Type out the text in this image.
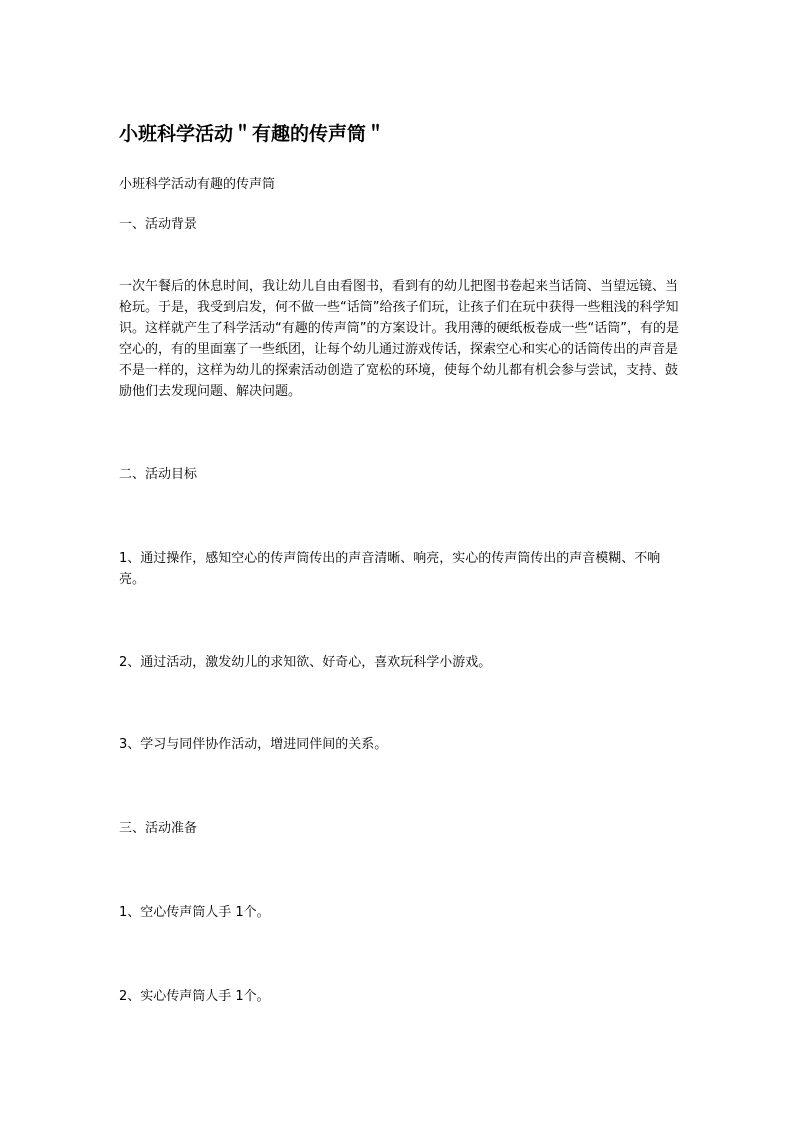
小班科学活动＂有趣的传声筒＂

小班科学活动有趣的传声筒

一、活动背景

一次午餐后的休息时间，我让幼儿自由看图书，看到有的幼儿把图书卷起来当话筒、当望远镜、当枪玩。于是，我受到启发，何不做一些“话筒”给孩子们玩，让孩子们在玩中获得一些粗浅的科学知识。这样就产生了科学活动“有趣的传声筒”的方案设计。我用薄的硬纸板卷成一些“话筒”，有的是空心的，有的里面塞了一些纸团，让每个幼儿通过游戏传话，探索空心和实心的话筒传出的声音是不是一样的，这样为幼儿的探索活动创造了宽松的环境，使每个幼儿都有机会参与尝试，支持、鼓励他们去发现问题、解决问题。

二、活动目标

1、通过操作，感知空心的传声筒传出的声音清晰、响亮，实心的传声筒传出的声音模糊、不响亮。

2、通过活动，激发幼儿的求知欲、好奇心，喜欢玩科学小游戏。

3、学习与同伴协作活动，增进同伴间的关系。

三、活动准备

1、空心传声筒人手 1个。

2、实心传声筒人手 1个。
